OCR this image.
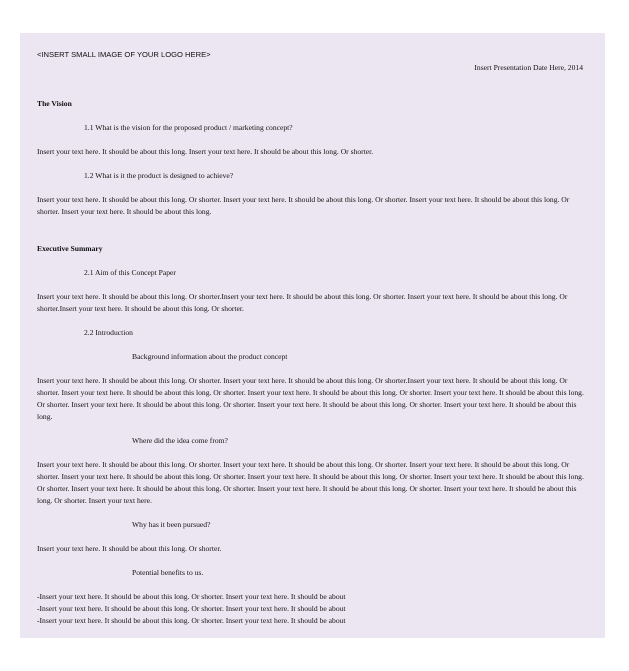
<INSERT SMALL IMAGE OF YOUR LOGO HERE>
Insert Presentation Date Here, 2014
The Vision
1.1 What is the vision for the proposed product / marketing concept?
Insert your text here. It should be about this long. Insert your text here. It should be about this long. Or shorter.
1.2 What is it the product is designed to achieve?
Insert your text here. It should be about this long. Or shorter. Insert your text here. It should be about this long. Or shorter. Insert your text here. It should be about this long. Or shorter. Insert your text here. It should be about this long.
Executive Summary
2.1 Aim of this Concept Paper
Insert your text here. It should be about this long. Or shorter.Insert your text here. It should be about this long. Or shorter. Insert your text here. It should be about this long. Or shorter.Insert your text here. It should be about this long. Or shorter.
2.2 Introduction
Background information about the product concept
Insert your text here. It should be about this long. Or shorter. Insert your text here. It should be about this long. Or shorter.Insert your text here. It should be about this long. Or shorter. Insert your text here. It should be about this long. Or shorter. Insert your text here. It should be about this long. Or shorter. Insert your text here. It should be about this long. Or shorter. Insert your text here. It should be about this long. Or shorter. Insert your text here. It should be about this long. Or shorter. Insert your text here. It should be about this long.
Where did the idea come from?
Insert your text here. It should be about this long. Or shorter. Insert your text here. It should be about this long. Or shorter. Insert your text here. It should be about this long. Or shorter. Insert your text here. It should be about this long. Or shorter. Insert your text here. It should be about this long. Or shorter. Insert your text here. It should be about this long. Or shorter. Insert your text here. It should be about this long. Or shorter. Insert your text here. It should be about this long. Or shorter. Insert your text here. It should be about this long. Or shorter. Insert your text here.
Why has it been pursued?
Insert your text here. It should be about this long. Or shorter.
Potential benefits to us.
-Insert your text here. It should be about this long. Or shorter. Insert your text here. It should be about
-Insert your text here. It should be about this long. Or shorter. Insert your text here. It should be about
-Insert your text here. It should be about this long. Or shorter. Insert your text here. It should be about
